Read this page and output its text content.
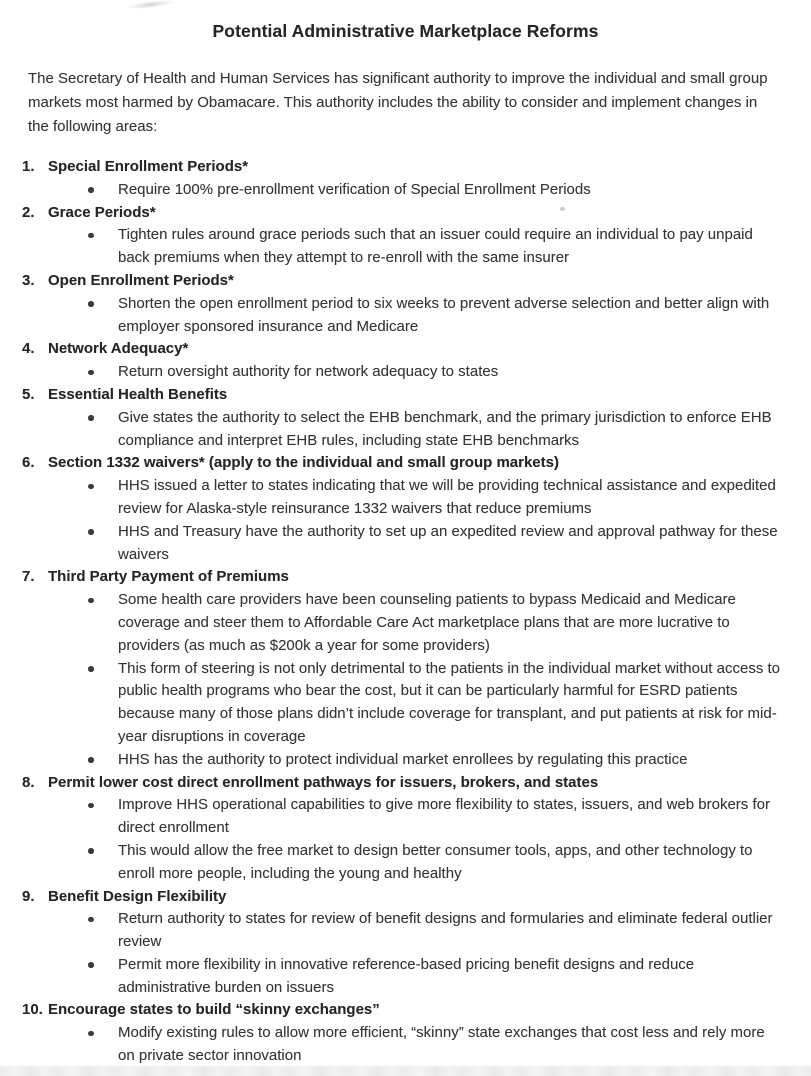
Potential Administrative Marketplace Reforms

The Secretary of Health and Human Services has significant authority to improve the individual and small group markets most harmed by Obamacare. This authority includes the ability to consider and implement changes in the following areas:

1. Special Enrollment Periods*
Require 100% pre-enrollment verification of Special Enrollment Periods
2. Grace Periods*
Tighten rules around grace periods such that an issuer could require an individual to pay unpaid back premiums when they attempt to re-enroll with the same insurer
3. Open Enrollment Periods*
Shorten the open enrollment period to six weeks to prevent adverse selection and better align with employer sponsored insurance and Medicare
4. Network Adequacy*
Return oversight authority for network adequacy to states
5. Essential Health Benefits
Give states the authority to select the EHB benchmark, and the primary jurisdiction to enforce EHB compliance and interpret EHB rules, including state EHB benchmarks
6. Section 1332 waivers* (apply to the individual and small group markets)
HHS issued a letter to states indicating that we will be providing technical assistance and expedited review for Alaska-style reinsurance 1332 waivers that reduce premiums
HHS and Treasury have the authority to set up an expedited review and approval pathway for these waivers
7. Third Party Payment of Premiums
Some health care providers have been counseling patients to bypass Medicaid and Medicare coverage and steer them to Affordable Care Act marketplace plans that are more lucrative to providers (as much as $200k a year for some providers)
This form of steering is not only detrimental to the patients in the individual market without access to public health programs who bear the cost, but it can be particularly harmful for ESRD patients because many of those plans didn’t include coverage for transplant, and put patients at risk for mid-year disruptions in coverage
HHS has the authority to protect individual market enrollees by regulating this practice
8. Permit lower cost direct enrollment pathways for issuers, brokers, and states
Improve HHS operational capabilities to give more flexibility to states, issuers, and web brokers for direct enrollment
This would allow the free market to design better consumer tools, apps, and other technology to enroll more people, including the young and healthy
9. Benefit Design Flexibility
Return authority to states for review of benefit designs and formularies and eliminate federal outlier review
Permit more flexibility in innovative reference-based pricing benefit designs and reduce administrative burden on issuers
10. Encourage states to build “skinny exchanges”
Modify existing rules to allow more efficient, “skinny” state exchanges that cost less and rely more on private sector innovation
